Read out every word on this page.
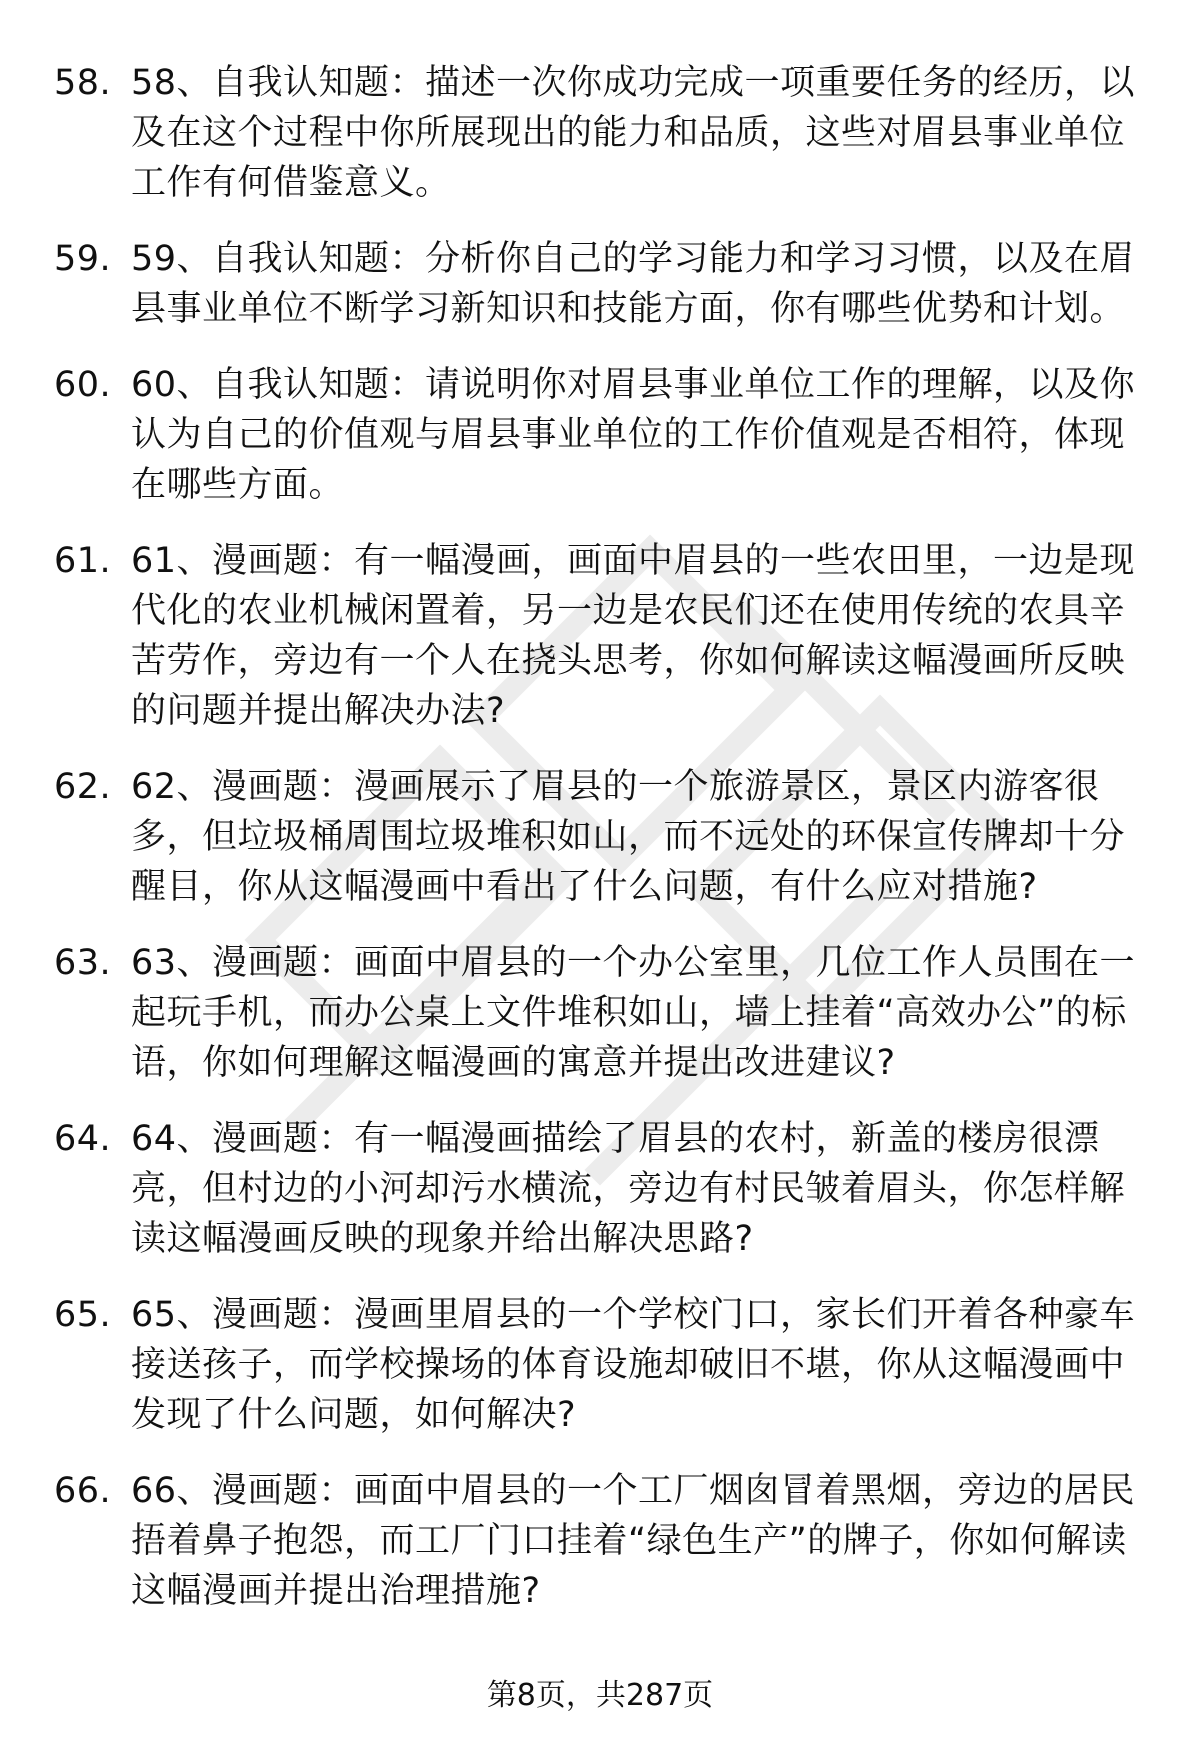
58. 58、自我认知题：描述一次你成功完成一项重要任务的经历，以及在这个过程中你所展现出的能力和品质，这些对眉县事业单位工作有何借鉴意义。
59. 59、自我认知题：分析你自己的学习能力和学习习惯，以及在眉县事业单位不断学习新知识和技能方面，你有哪些优势和计划。
60. 60、自我认知题：请说明你对眉县事业单位工作的理解，以及你认为自己的价值观与眉县事业单位的工作价值观是否相符，体现在哪些方面。
61. 61、漫画题：有一幅漫画，画面中眉县的一些农田里，一边是现代化的农业机械闲置着，另一边是农民们还在使用传统的农具辛苦劳作，旁边有一个人在挠头思考，你如何解读这幅漫画所反映的问题并提出解决办法?
62. 62、漫画题：漫画展示了眉县的一个旅游景区，景区内游客很多，但垃圾桶周围垃圾堆积如山，而不远处的环保宣传牌却十分醒目，你从这幅漫画中看出了什么问题，有什么应对措施?
63. 63、漫画题：画面中眉县的一个办公室里，几位工作人员围在一起玩手机，而办公桌上文件堆积如山，墙上挂着“高效办公”的标语，你如何理解这幅漫画的寓意并提出改进建议?
64. 64、漫画题：有一幅漫画描绘了眉县的农村，新盖的楼房很漂亮，但村边的小河却污水横流，旁边有村民皱着眉头，你怎样解读这幅漫画反映的现象并给出解决思路?
65. 65、漫画题：漫画里眉县的一个学校门口，家长们开着各种豪车接送孩子，而学校操场的体育设施却破旧不堪，你从这幅漫画中发现了什么问题，如何解决?
66. 66、漫画题：画面中眉县的一个工厂烟囱冒着黑烟，旁边的居民捂着鼻子抱怨，而工厂门口挂着“绿色生产”的牌子，你如何解读这幅漫画并提出治理措施?
第8页，共287页
